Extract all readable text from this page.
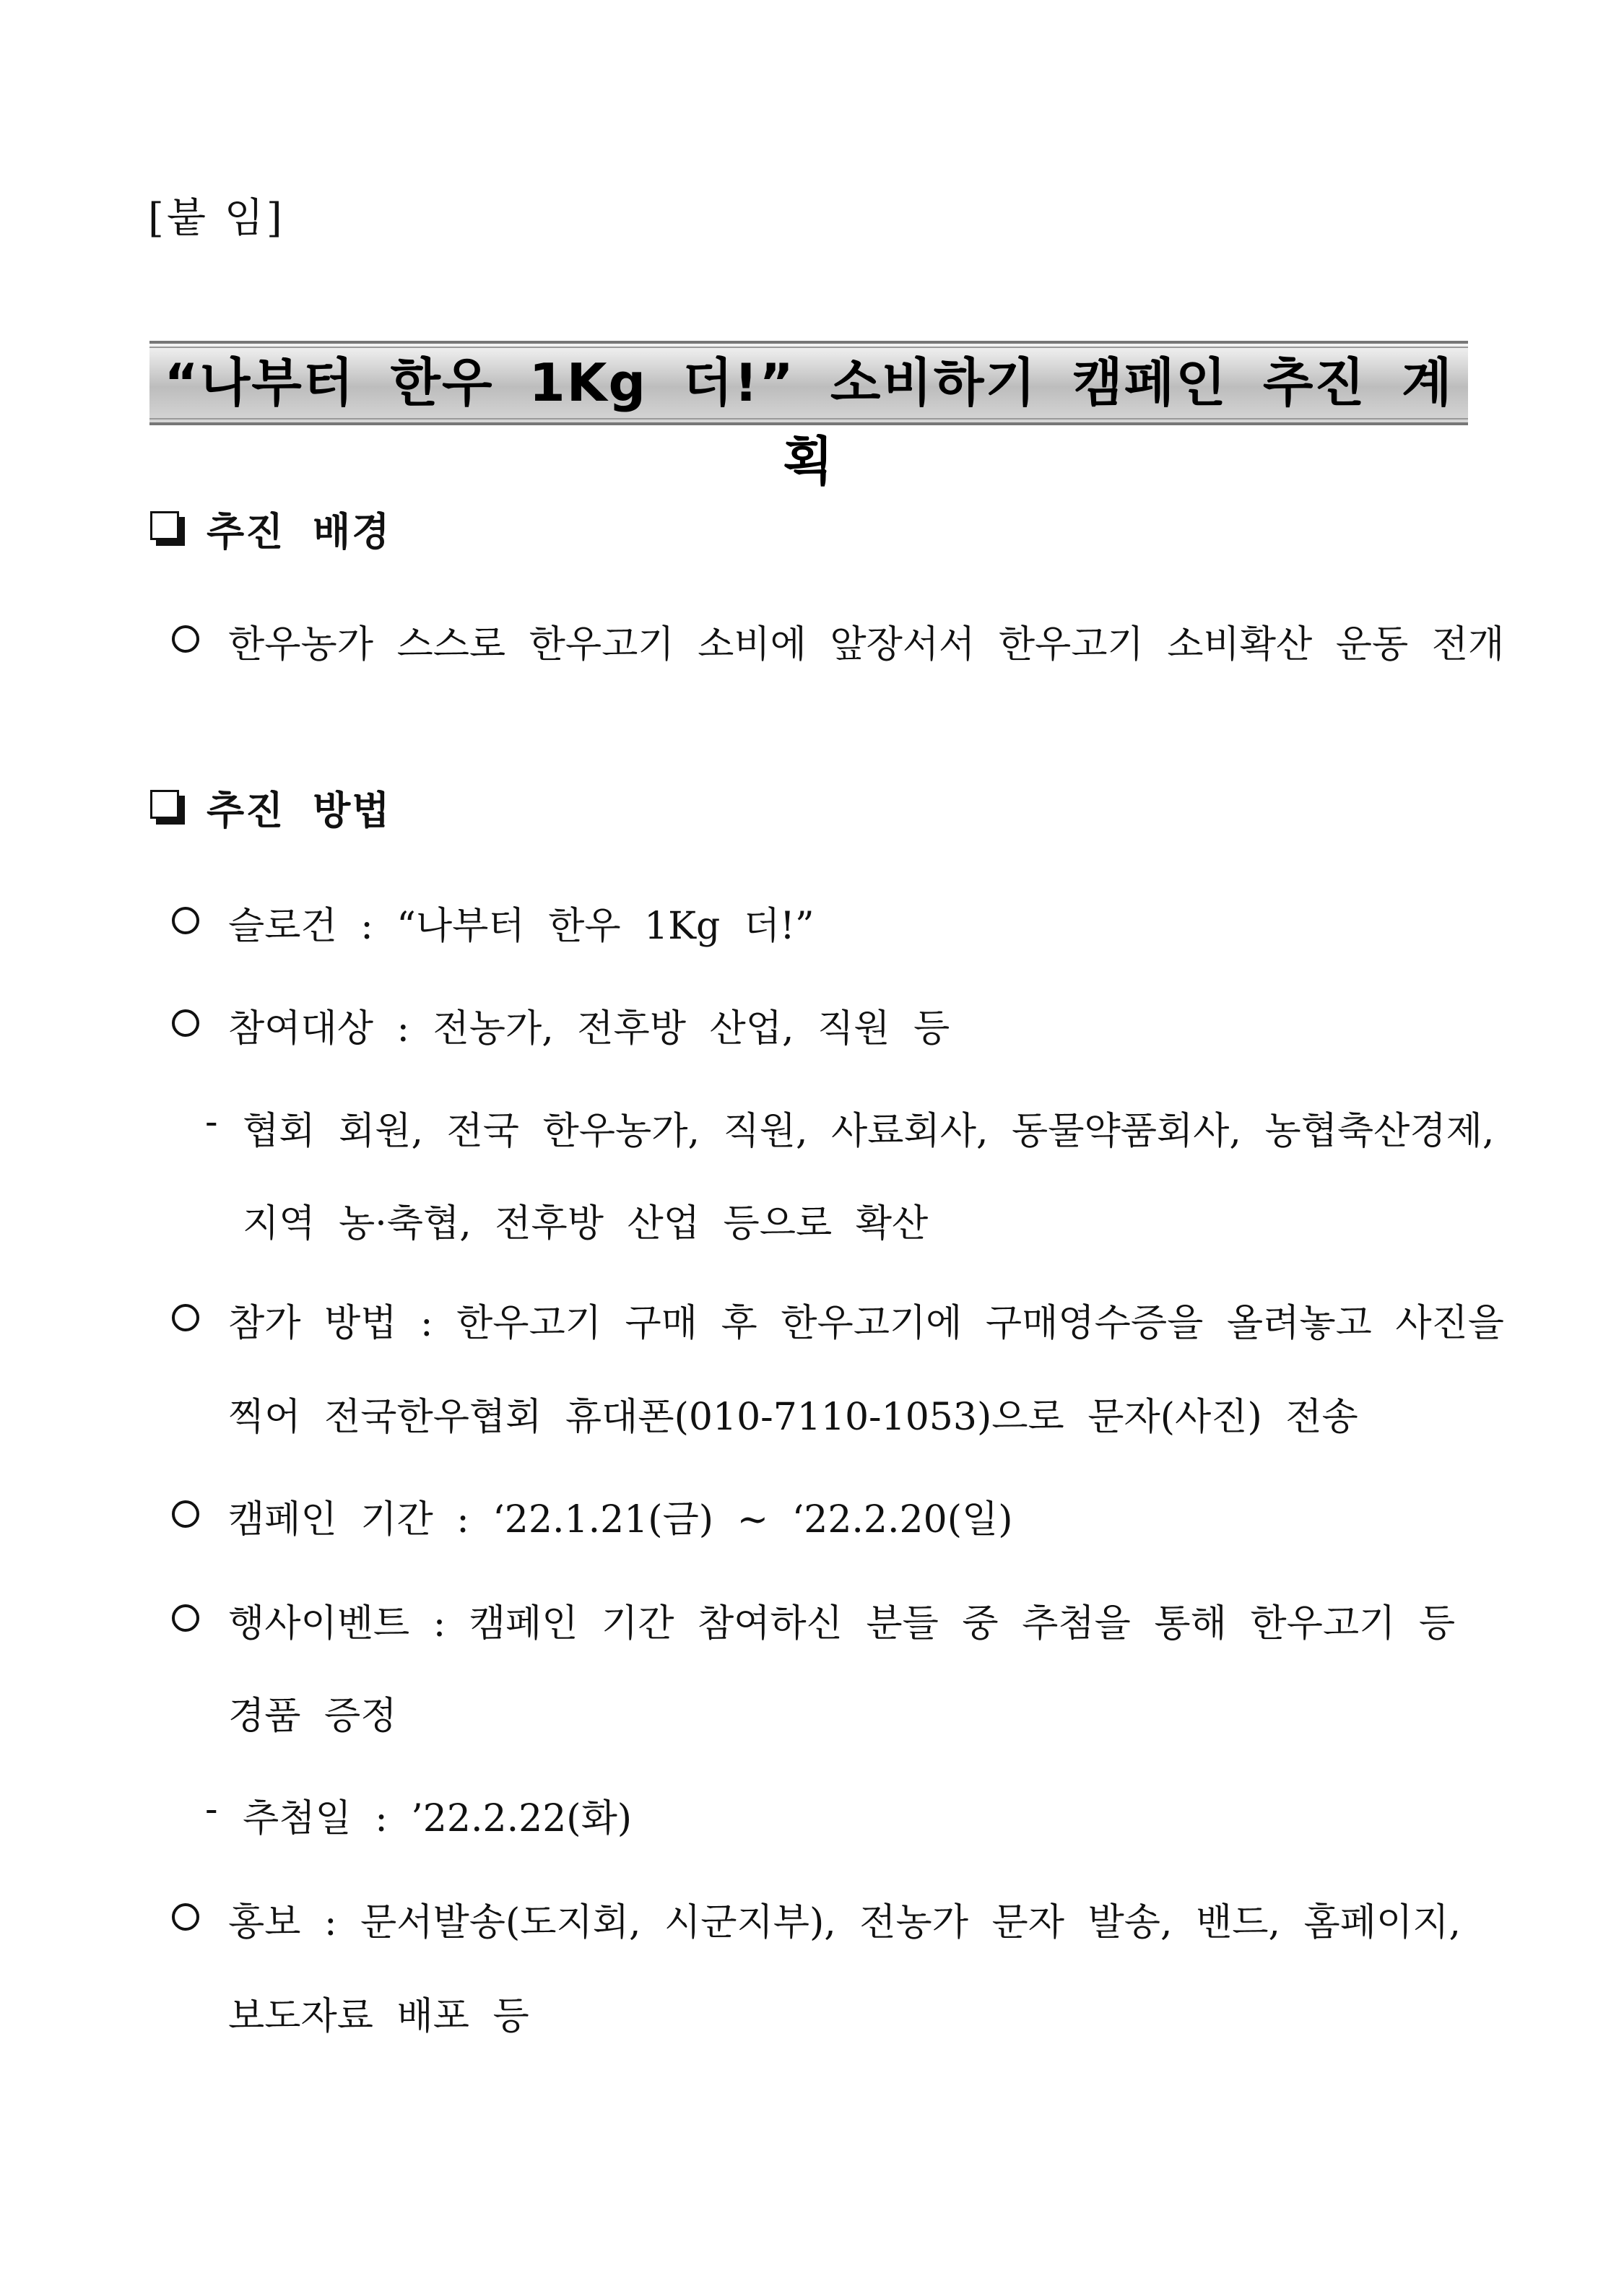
[붙 임]
“나부터 한우 1Kg 더!” 소비하기 캠페인 추진 계획
추진 배경
한우농가 스스로 한우고기 소비에 앞장서서 한우고기 소비확산 운동 전개
추진 방법
슬로건 : “나부터 한우 1Kg 더!”
참여대상 : 전농가, 전후방 산업, 직원 등
- 협회 회원, 전국 한우농가, 직원, 사료회사, 동물약품회사, 농협축산경제,
지역 농·축협, 전후방 산업 등으로 확산
참가 방법 : 한우고기 구매 후 한우고기에 구매영수증을 올려놓고 사진을
찍어 전국한우협회 휴대폰(010-7110-1053)으로 문자(사진) 전송
캠페인 기간 : ‘22.1.21(금) ~ ‘22.2.20(일)
행사이벤트 : 캠페인 기간 참여하신 분들 중 추첨을 통해 한우고기 등
경품 증정
- 추첨일 : ’22.2.22(화)
홍보 : 문서발송(도지회, 시군지부), 전농가 문자 발송, 밴드, 홈페이지,
보도자료 배포 등
